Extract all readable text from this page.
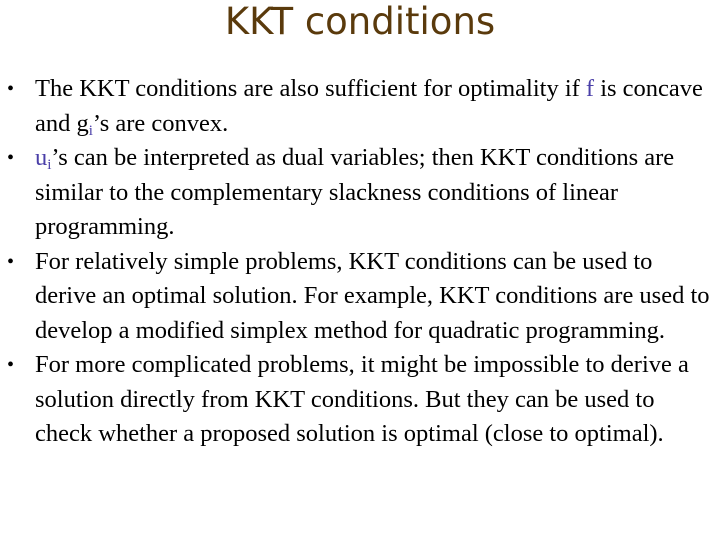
KKT conditions
• The KKT conditions are also sufficient for optimality if f is concave and $g_i’s$ are convex.
• $u_i’s$ can be interpreted as dual variables; then KKT conditions are similar to the complementary slackness conditions of linear programming.
• For relatively simple problems, KKT conditions can be used to derive an optimal solution. For example, KKT conditions are used to develop a modified simplex method for quadratic programming.
• For more complicated problems, it might be impossible to derive a solution directly from KKT conditions. But they can be used to check whether a proposed solution is optimal (close to optimal).
